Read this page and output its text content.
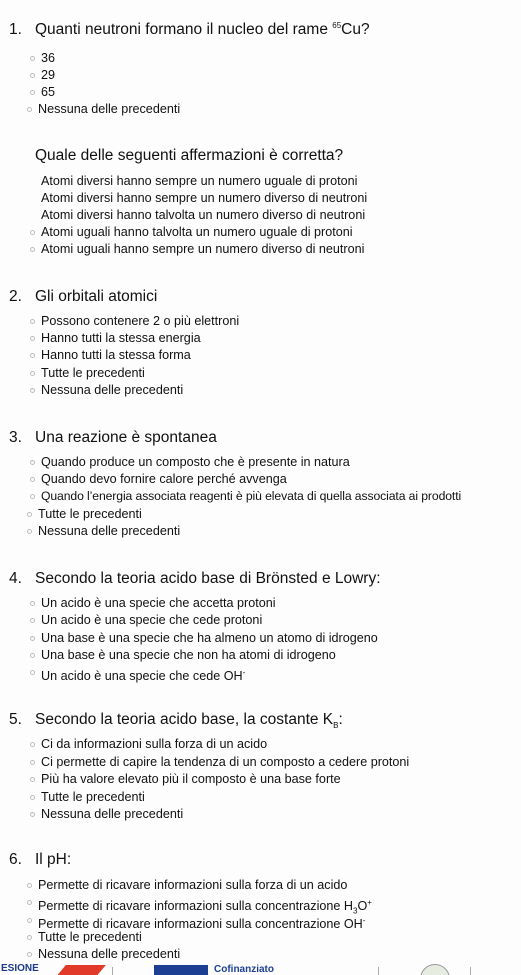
1. Quanti neutroni formano il nucleo del rame $^{65}$Cu?
36
29
65
Nessuna delle precedenti
Quale delle seguenti affermazioni è corretta?
Atomi diversi hanno sempre un numero uguale di protoni
Atomi diversi hanno sempre un numero diverso di neutroni
Atomi diversi hanno talvolta un numero diverso di neutroni
Atomi uguali hanno talvolta un numero uguale di protoni
Atomi uguali hanno sempre un numero diverso di neutroni
2. Gli orbitali atomici
Possono contenere 2 o più elettroni
Hanno tutti la stessa energia
Hanno tutti la stessa forma
Tutte le precedenti
Nessuna delle precedenti
3. Una reazione è spontanea
Quando produce un composto che è presente in natura
Quando devo fornire calore perché avvenga
Quando l’energia associata reagenti è più elevata di quella associata ai prodotti
Tutte le precedenti
Nessuna delle precedenti
4. Secondo la teoria acido base di Brönsted e Lowry:
Un acido è una specie che accetta protoni
Un acido è una specie che cede protoni
Una base è una specie che ha almeno un atomo di idrogeno
Una base è una specie che non ha atomi di idrogeno
Un acido è una specie che cede OH-
5. Secondo la teoria acido base, la costante $K_B$:
Ci da informazioni sulla forza di un acido
Ci permette di capire la tendenza di un composto a cedere protoni
Più ha valore elevato più il composto è una base forte
Tutte le precedenti
Nessuna delle precedenti
6. Il pH:
Permette di ricavare informazioni sulla forza di un acido
Permette di ricavare informazioni sulla concentrazione $H_3O^+$
Permette di ricavare informazioni sulla concentrazione OH-
Tutte le precedenti
Nessuna delle precedenti
ESIONE	Cofinanziato
